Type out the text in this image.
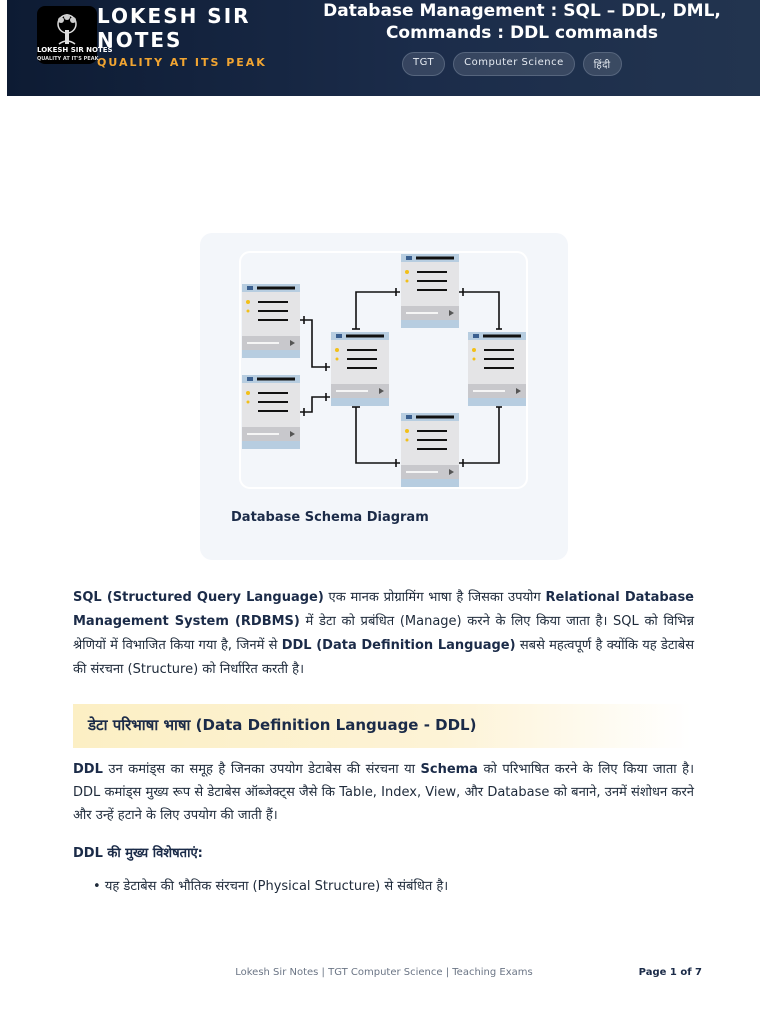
LOKESH SIR NOTES
QUALITY AT IT'S PEAK
LOKESH SIR NOTES
QUALITY AT ITS PEAK
Database Management : SQL – DDL, DML, Commands : DDL commands
TGT	Computer Science	हिंदी
Database Schema Diagram

SQL (Structured Query Language) एक मानक प्रोग्रामिंग भाषा है जिसका उपयोग Relational Database Management System (RDBMS) में डेटा को प्रबंधित (Manage) करने के लिए किया जाता है। SQL को विभिन्न श्रेणियों में विभाजित किया गया है, जिनमें से DDL (Data Definition Language) सबसे महत्वपूर्ण है क्योंकि यह डेटाबेस की संरचना (Structure) को निर्धारित करती है।

डेटा परिभाषा भाषा (Data Definition Language - DDL)

DDL उन कमांड्स का समूह है जिनका उपयोग डेटाबेस की संरचना या Schema को परिभाषित करने के लिए किया जाता है। DDL कमांड्स मुख्य रूप से डेटाबेस ऑब्जेक्ट्स जैसे कि Table, Index, View, और Database को बनाने, उनमें संशोधन करने और उन्हें हटाने के लिए उपयोग की जाती हैं।

DDL की मुख्य विशेषताएं:
• यह डेटाबेस की भौतिक संरचना (Physical Structure) से संबंधित है।
Lokesh Sir Notes | TGT Computer Science | Teaching Exams	Page 1 of 7
